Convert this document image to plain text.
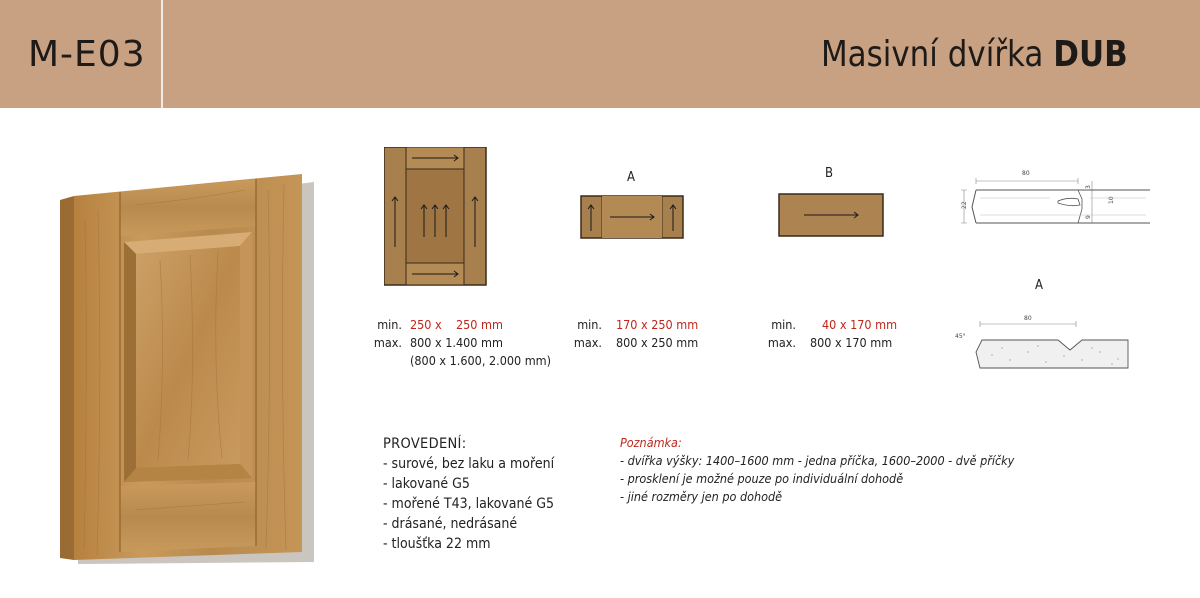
M-E03	Masivní dvířka DUB
A	B	80
22
3
10
9
A
80
45°
min.	250 x    250 mm
max.	800 x 1.400 mm
	(800 x 1.600, 2.000 mm)
min.	170 x 250 mm
max.	800 x 250 mm
min.	40 x 170 mm
max.	800 x 170 mm
PROVEDENÍ:
- surové, bez laku a moření
- lakované G5
- mořené T43, lakované G5
- drásané, nedrásané
- tloušťka 22 mm
Poznámka:
- dvířka výšky: 1400–1600 mm - jedna příčka, 1600–2000 - dvě příčky
- prosklení je možné pouze po individuální dohodě
- jiné rozměry jen po dohodě
